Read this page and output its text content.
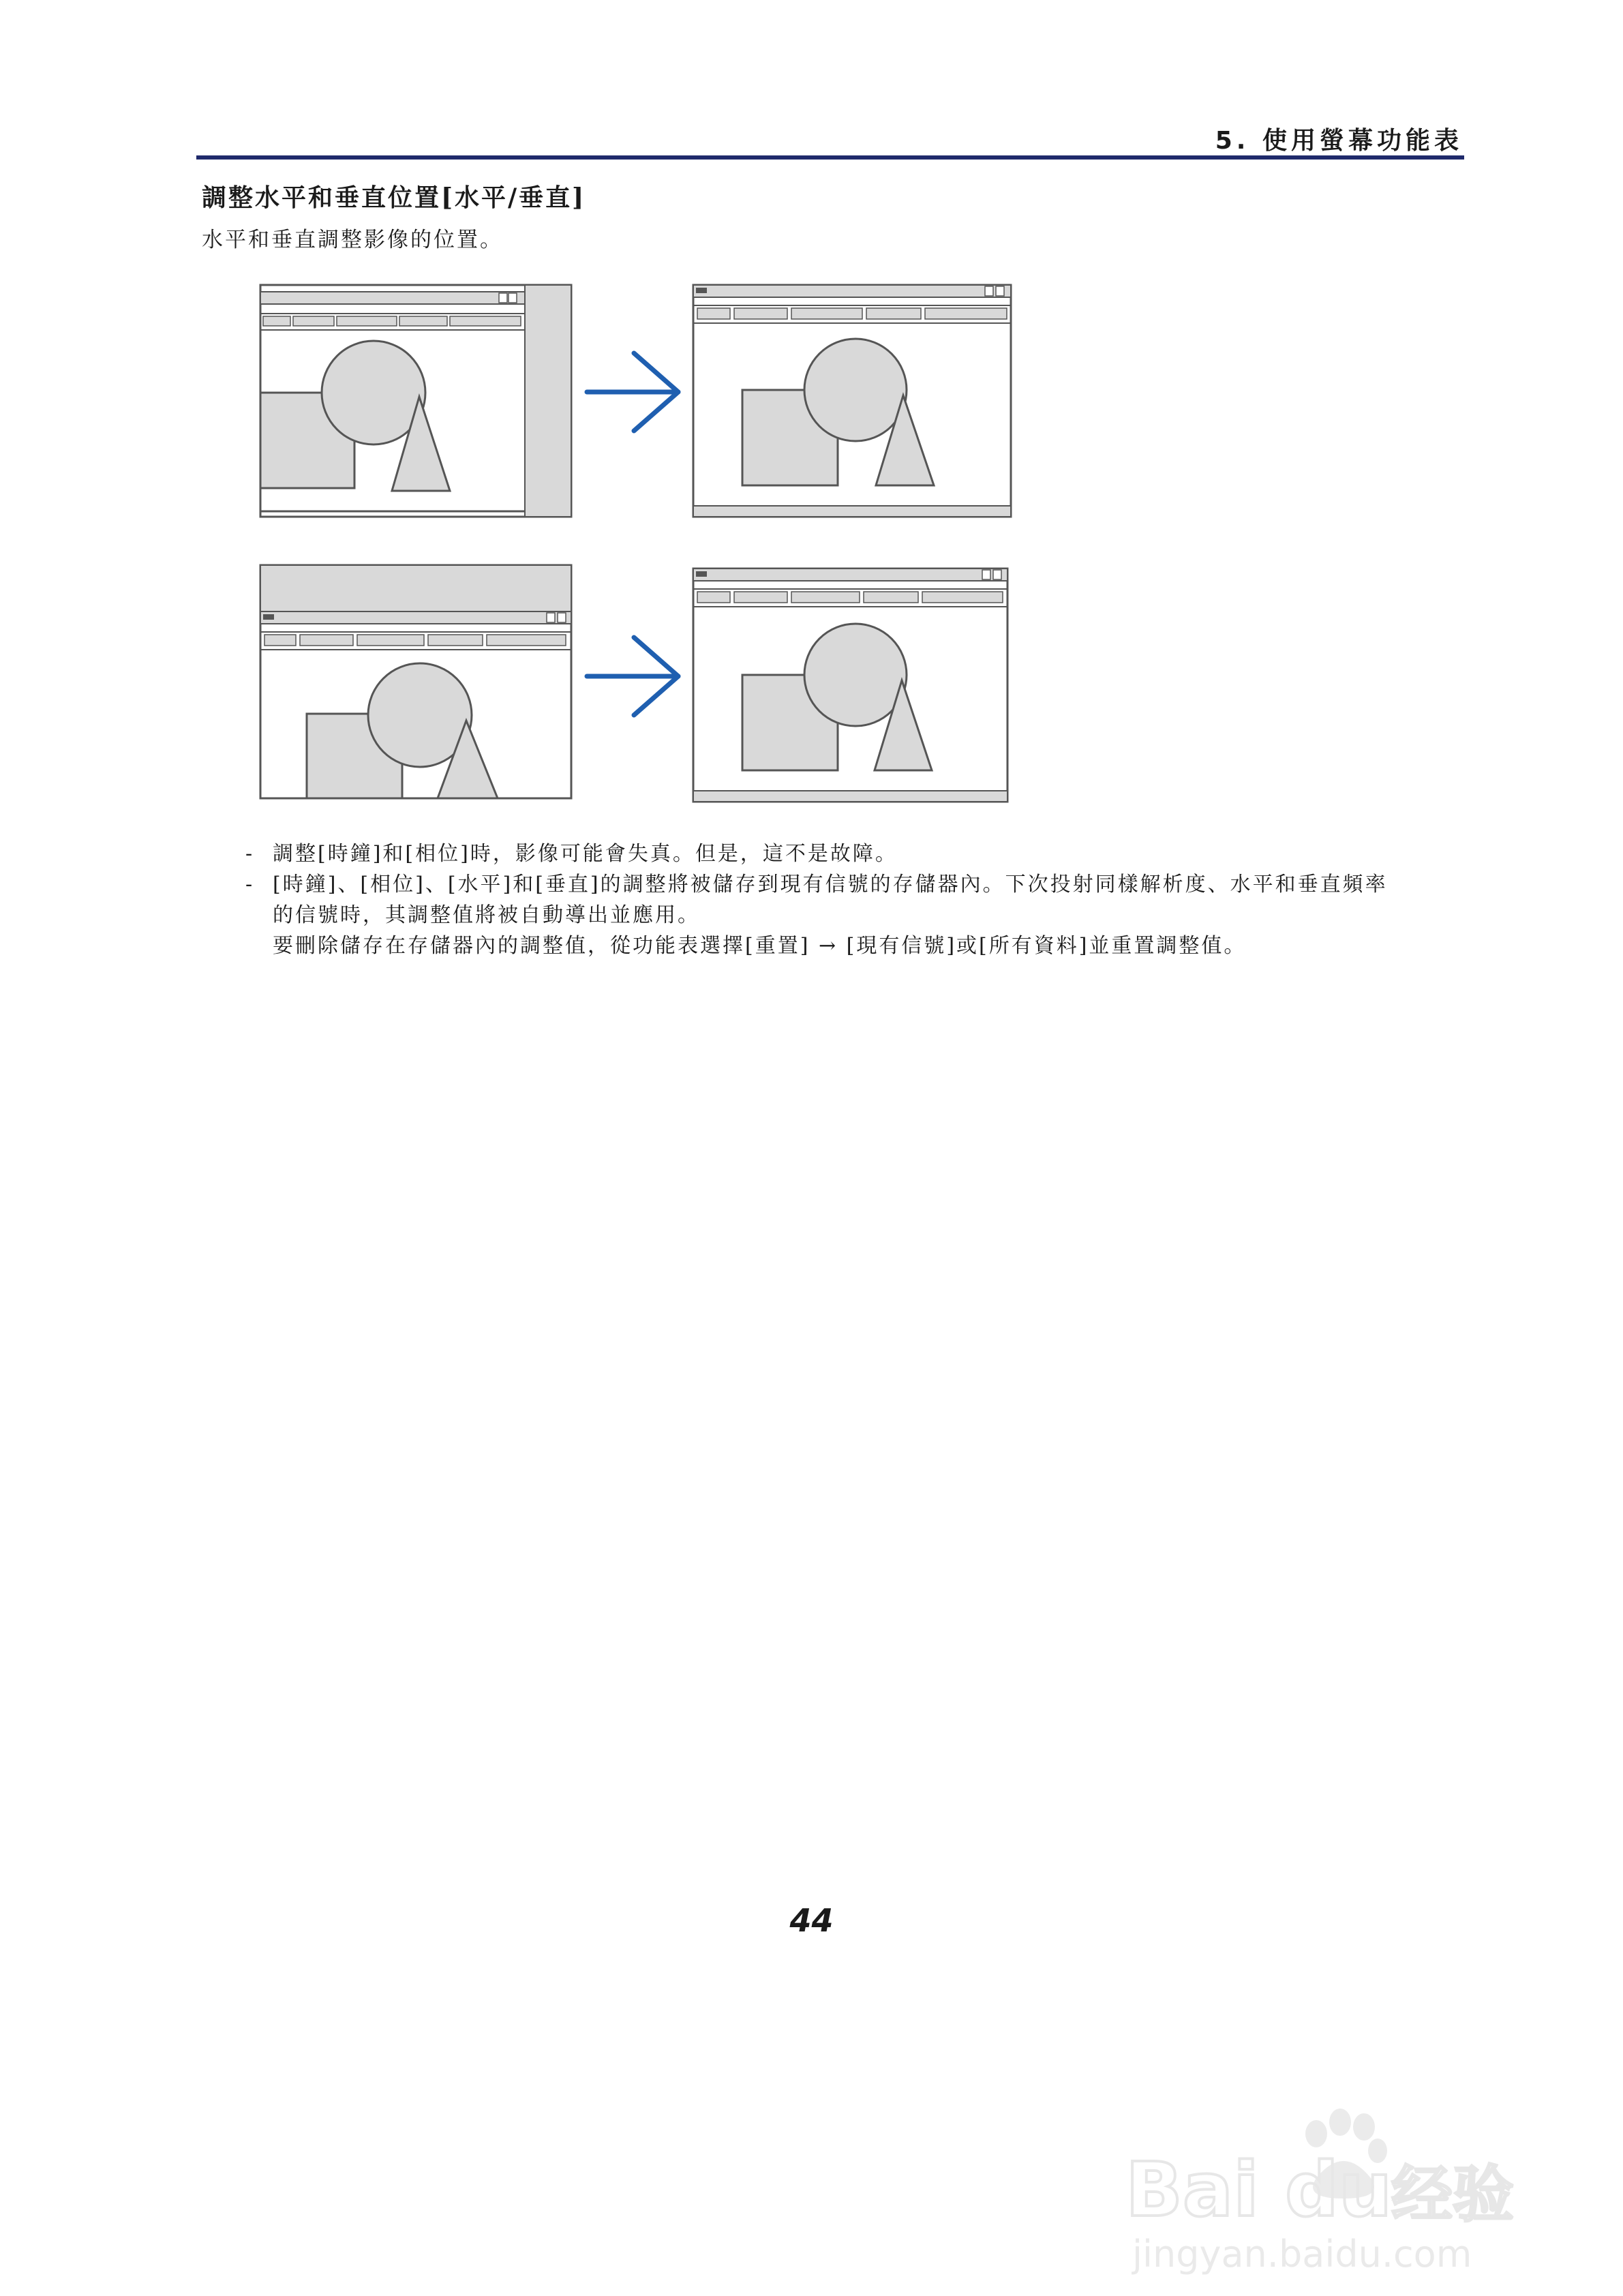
5. 使用螢幕功能表
調整水平和垂直位置[水平/垂直]
水平和垂直調整影像的位置。
- 調整[時鐘]和[相位]時，影像可能會失真。但是，這不是故障。
- [時鐘]、[相位]、[水平]和[垂直]的調整將被儲存到現有信號的存儲器內。下次投射同樣解析度、水平和垂直頻率
的信號時，其調整值將被自動導出並應用。
要刪除儲存在存儲器內的調整值，從功能表選擇[重置] → [現有信號]或[所有資料]並重置調整值。
44
Bai du
经验
jingyan.baidu.com
